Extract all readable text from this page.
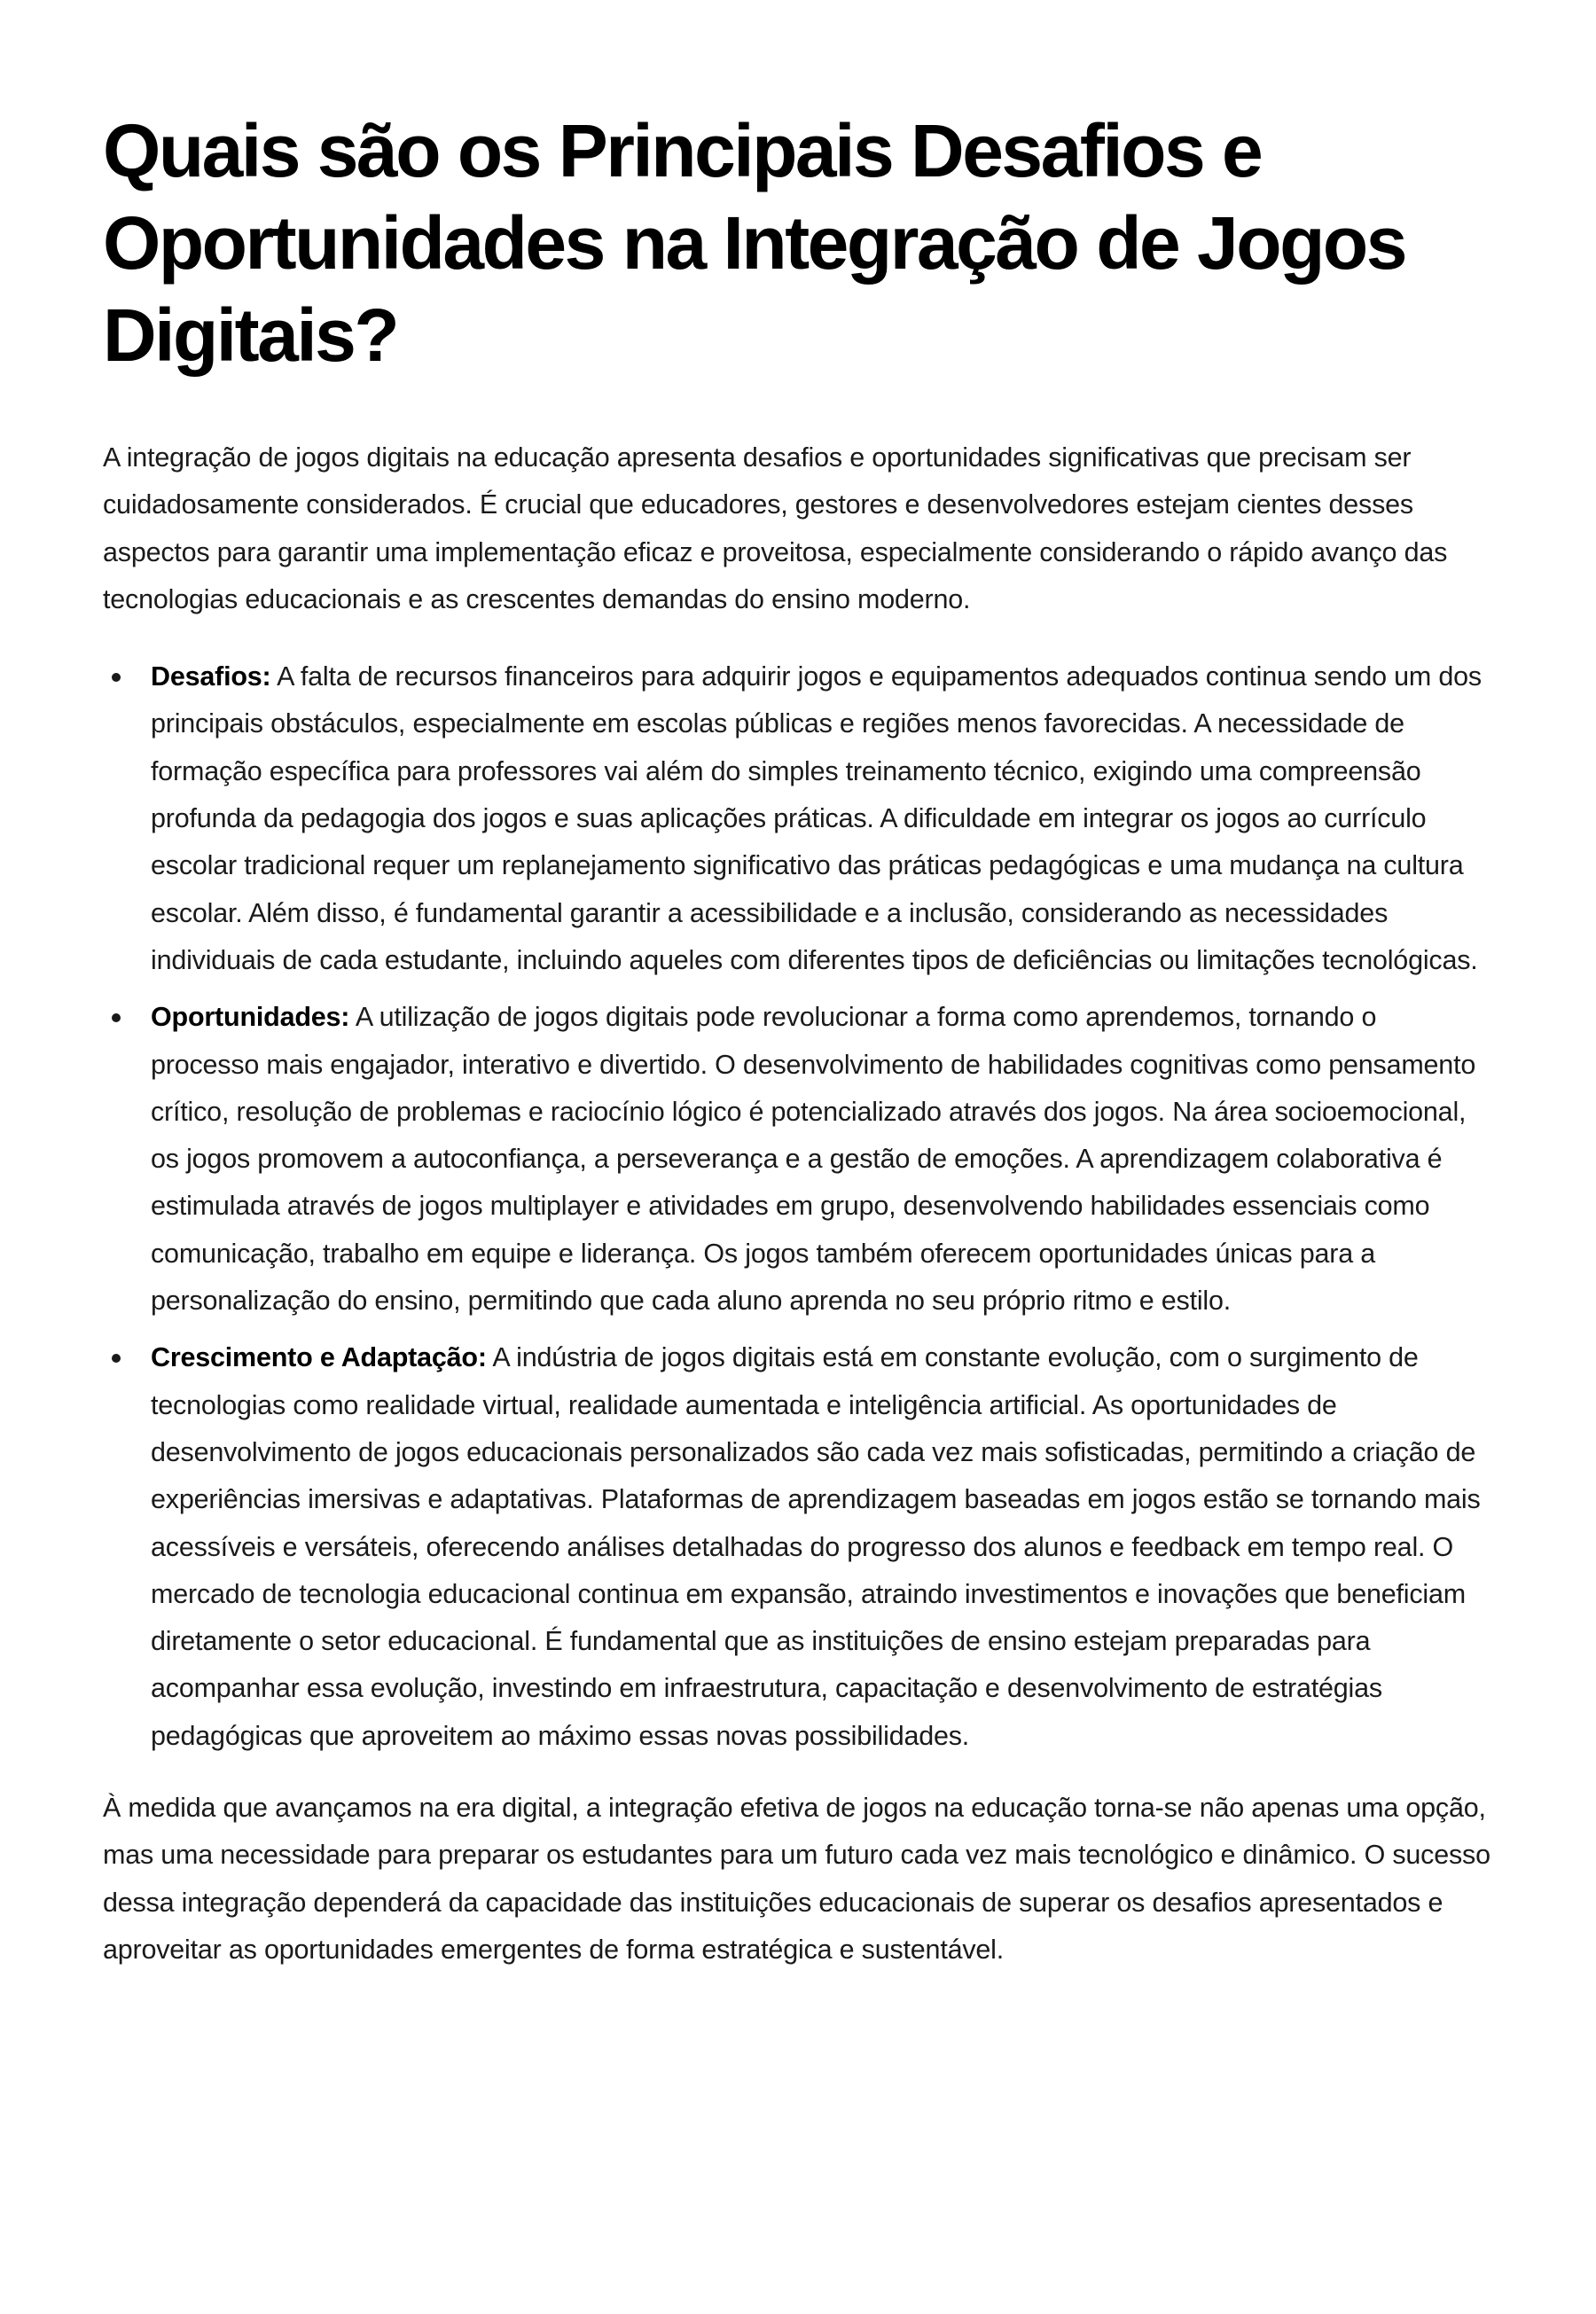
Quais são os Principais Desafios e Oportunidades na Integração de Jogos Digitais?

A integração de jogos digitais na educação apresenta desafios e oportunidades significativas que precisam ser cuidadosamente considerados. É crucial que educadores, gestores e desenvolvedores estejam cientes desses aspectos para garantir uma implementação eficaz e proveitosa, especialmente considerando o rápido avanço das tecnologias educacionais e as crescentes demandas do ensino moderno.

Desafios: A falta de recursos financeiros para adquirir jogos e equipamentos adequados continua sendo um dos principais obstáculos, especialmente em escolas públicas e regiões menos favorecidas. A necessidade de formação específica para professores vai além do simples treinamento técnico, exigindo uma compreensão profunda da pedagogia dos jogos e suas aplicações práticas. A dificuldade em integrar os jogos ao currículo escolar tradicional requer um replanejamento significativo das práticas pedagógicas e uma mudança na cultura escolar. Além disso, é fundamental garantir a acessibilidade e a inclusão, considerando as necessidades individuais de cada estudante, incluindo aqueles com diferentes tipos de deficiências ou limitações tecnológicas.
Oportunidades: A utilização de jogos digitais pode revolucionar a forma como aprendemos, tornando o processo mais engajador, interativo e divertido. O desenvolvimento de habilidades cognitivas como pensamento crítico, resolução de problemas e raciocínio lógico é potencializado através dos jogos. Na área socioemocional, os jogos promovem a autoconfiança, a perseverança e a gestão de emoções. A aprendizagem colaborativa é estimulada através de jogos multiplayer e atividades em grupo, desenvolvendo habilidades essenciais como comunicação, trabalho em equipe e liderança. Os jogos também oferecem oportunidades únicas para a personalização do ensino, permitindo que cada aluno aprenda no seu próprio ritmo e estilo.
Crescimento e Adaptação: A indústria de jogos digitais está em constante evolução, com o surgimento de tecnologias como realidade virtual, realidade aumentada e inteligência artificial. As oportunidades de desenvolvimento de jogos educacionais personalizados são cada vez mais sofisticadas, permitindo a criação de experiências imersivas e adaptativas. Plataformas de aprendizagem baseadas em jogos estão se tornando mais acessíveis e versáteis, oferecendo análises detalhadas do progresso dos alunos e feedback em tempo real. O mercado de tecnologia educacional continua em expansão, atraindo investimentos e inovações que beneficiam diretamente o setor educacional. É fundamental que as instituições de ensino estejam preparadas para acompanhar essa evolução, investindo em infraestrutura, capacitação e desenvolvimento de estratégias pedagógicas que aproveitem ao máximo essas novas possibilidades.

À medida que avançamos na era digital, a integração efetiva de jogos na educação torna-se não apenas uma opção, mas uma necessidade para preparar os estudantes para um futuro cada vez mais tecnológico e dinâmico. O sucesso dessa integração dependerá da capacidade das instituições educacionais de superar os desafios apresentados e aproveitar as oportunidades emergentes de forma estratégica e sustentável.
